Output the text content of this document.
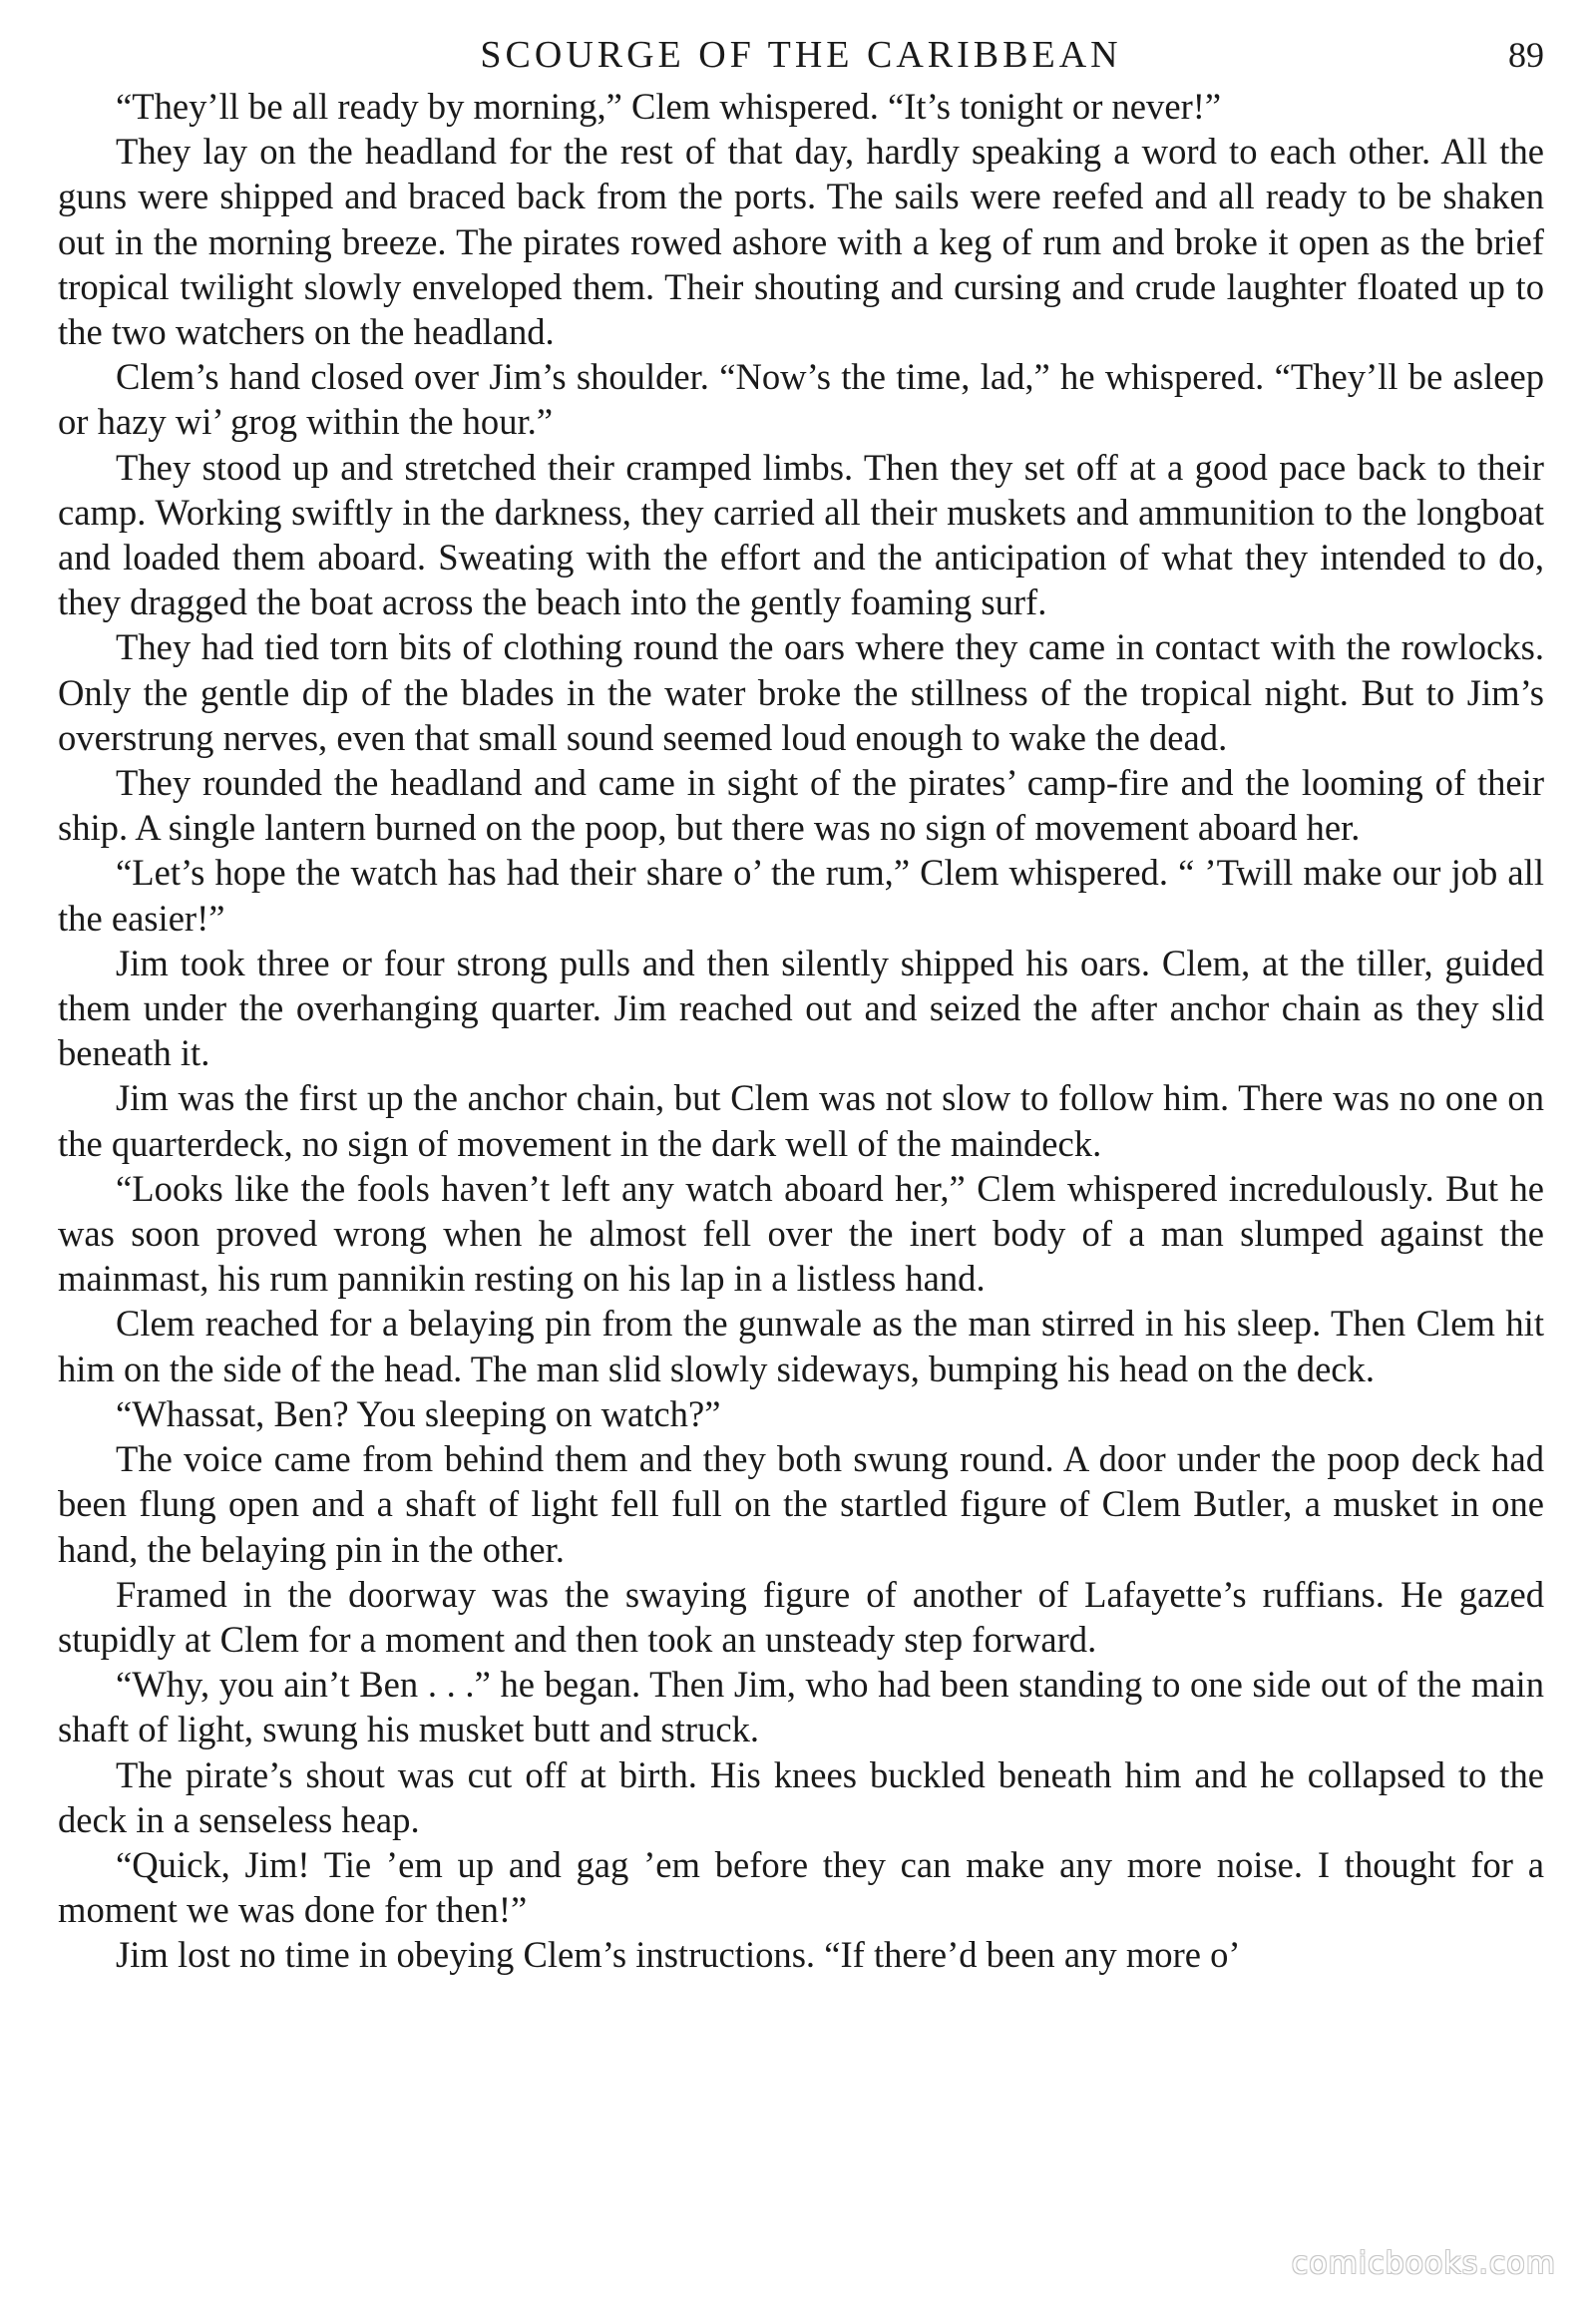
SCOURGE OF THE CARIBBEAN	89

“They’ll be all ready by morning,” Clem whispered. “It’s tonight or never!”

They lay on the headland for the rest of that day, hardly speaking a word to each other. All the guns were shipped and braced back from the ports. The sails were reefed and all ready to be shaken out in the morning breeze. The pirates rowed ashore with a keg of rum and broke it open as the brief tropical twilight slowly enveloped them. Their shouting and cursing and crude laughter floated up to the two watchers on the headland.

Clem’s hand closed over Jim’s shoulder. “Now’s the time, lad,” he whispered. “They’ll be asleep or hazy wi’ grog within the hour.”

They stood up and stretched their cramped limbs. Then they set off at a good pace back to their camp. Working swiftly in the darkness, they carried all their muskets and ammunition to the longboat and loaded them aboard. Sweating with the effort and the anticipation of what they intended to do, they dragged the boat across the beach into the gently foaming surf.

They had tied torn bits of clothing round the oars where they came in contact with the rowlocks. Only the gentle dip of the blades in the water broke the stillness of the tropical night. But to Jim’s overstrung nerves, even that small sound seemed loud enough to wake the dead.

They rounded the headland and came in sight of the pirates’ camp-fire and the looming of their ship. A single lantern burned on the poop, but there was no sign of movement aboard her.

“Let’s hope the watch has had their share o’ the rum,” Clem whispered. “ ’Twill make our job all the easier!”

Jim took three or four strong pulls and then silently shipped his oars. Clem, at the tiller, guided them under the overhanging quarter. Jim reached out and seized the after anchor chain as they slid beneath it.

Jim was the first up the anchor chain, but Clem was not slow to follow him. There was no one on the quarterdeck, no sign of movement in the dark well of the maindeck.

“Looks like the fools haven’t left any watch aboard her,” Clem whispered incredulously. But he was soon proved wrong when he almost fell over the inert body of a man slumped against the mainmast, his rum pannikin resting on his lap in a listless hand.

Clem reached for a belaying pin from the gunwale as the man stirred in his sleep. Then Clem hit him on the side of the head. The man slid slowly sideways, bumping his head on the deck.

“Whassat, Ben? You sleeping on watch?”

The voice came from behind them and they both swung round. A door under the poop deck had been flung open and a shaft of light fell full on the startled figure of Clem Butler, a musket in one hand, the belaying pin in the other.

Framed in the doorway was the swaying figure of another of Lafayette’s ruffians. He gazed stupidly at Clem for a moment and then took an unsteady step forward.

“Why, you ain’t Ben . . .” he began. Then Jim, who had been standing to one side out of the main shaft of light, swung his musket butt and struck.

The pirate’s shout was cut off at birth. His knees buckled beneath him and he collapsed to the deck in a senseless heap.

“Quick, Jim! Tie ’em up and gag ’em before they can make any more noise. I thought for a moment we was done for then!”

Jim lost no time in obeying Clem’s instructions. “If there’d been any more o’

comicbooks.com
